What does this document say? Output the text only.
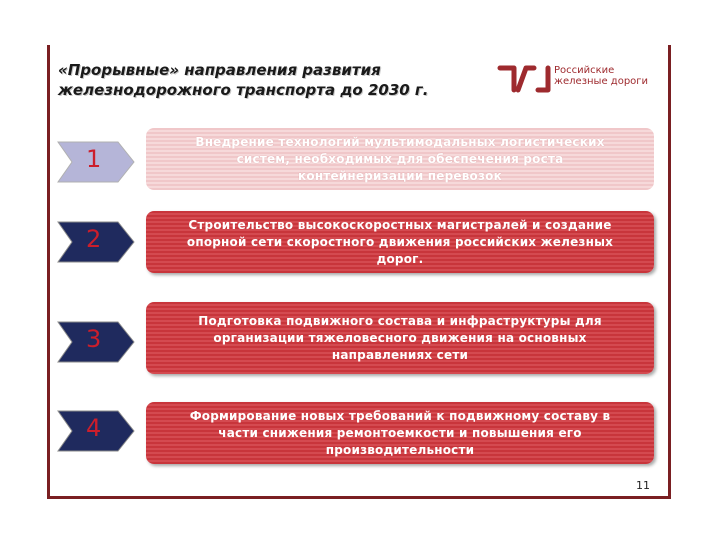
«Прорывные» направления развития
железнодорожного транспорта до 2030 г.
Российские
железные дороги
1
Внедрение технологий мультимодальных логистических систем, необходимых для обеспечения роста контейнеризации перевозок
2
Строительство высокоскоростных магистралей и создание опорной сети скоростного движения российских железных дорог.
3
Подготовка подвижного состава и инфраструктуры для организации тяжеловесного движения на основных направлениях сети
4	Формирование новых требований к подвижному составу в части снижения ремонтоемкости и повышения его производительности
11
